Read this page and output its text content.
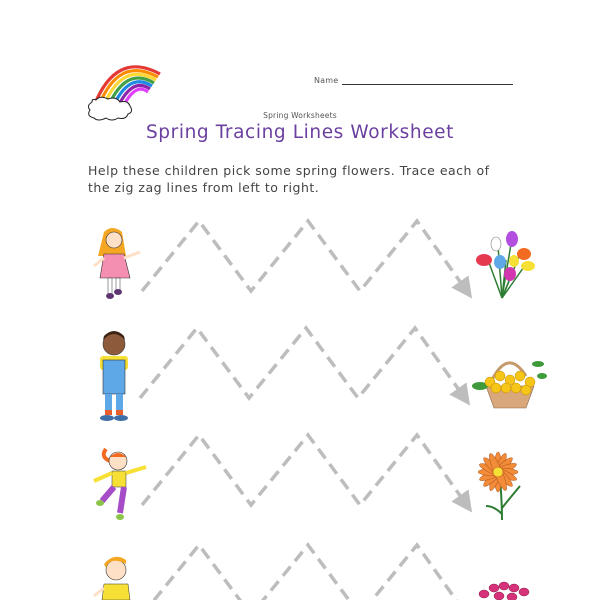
Name
Spring Worksheets
Spring Tracing Lines Worksheet
Help these children pick some spring flowers. Trace each of
the zig zag lines from left to right.
